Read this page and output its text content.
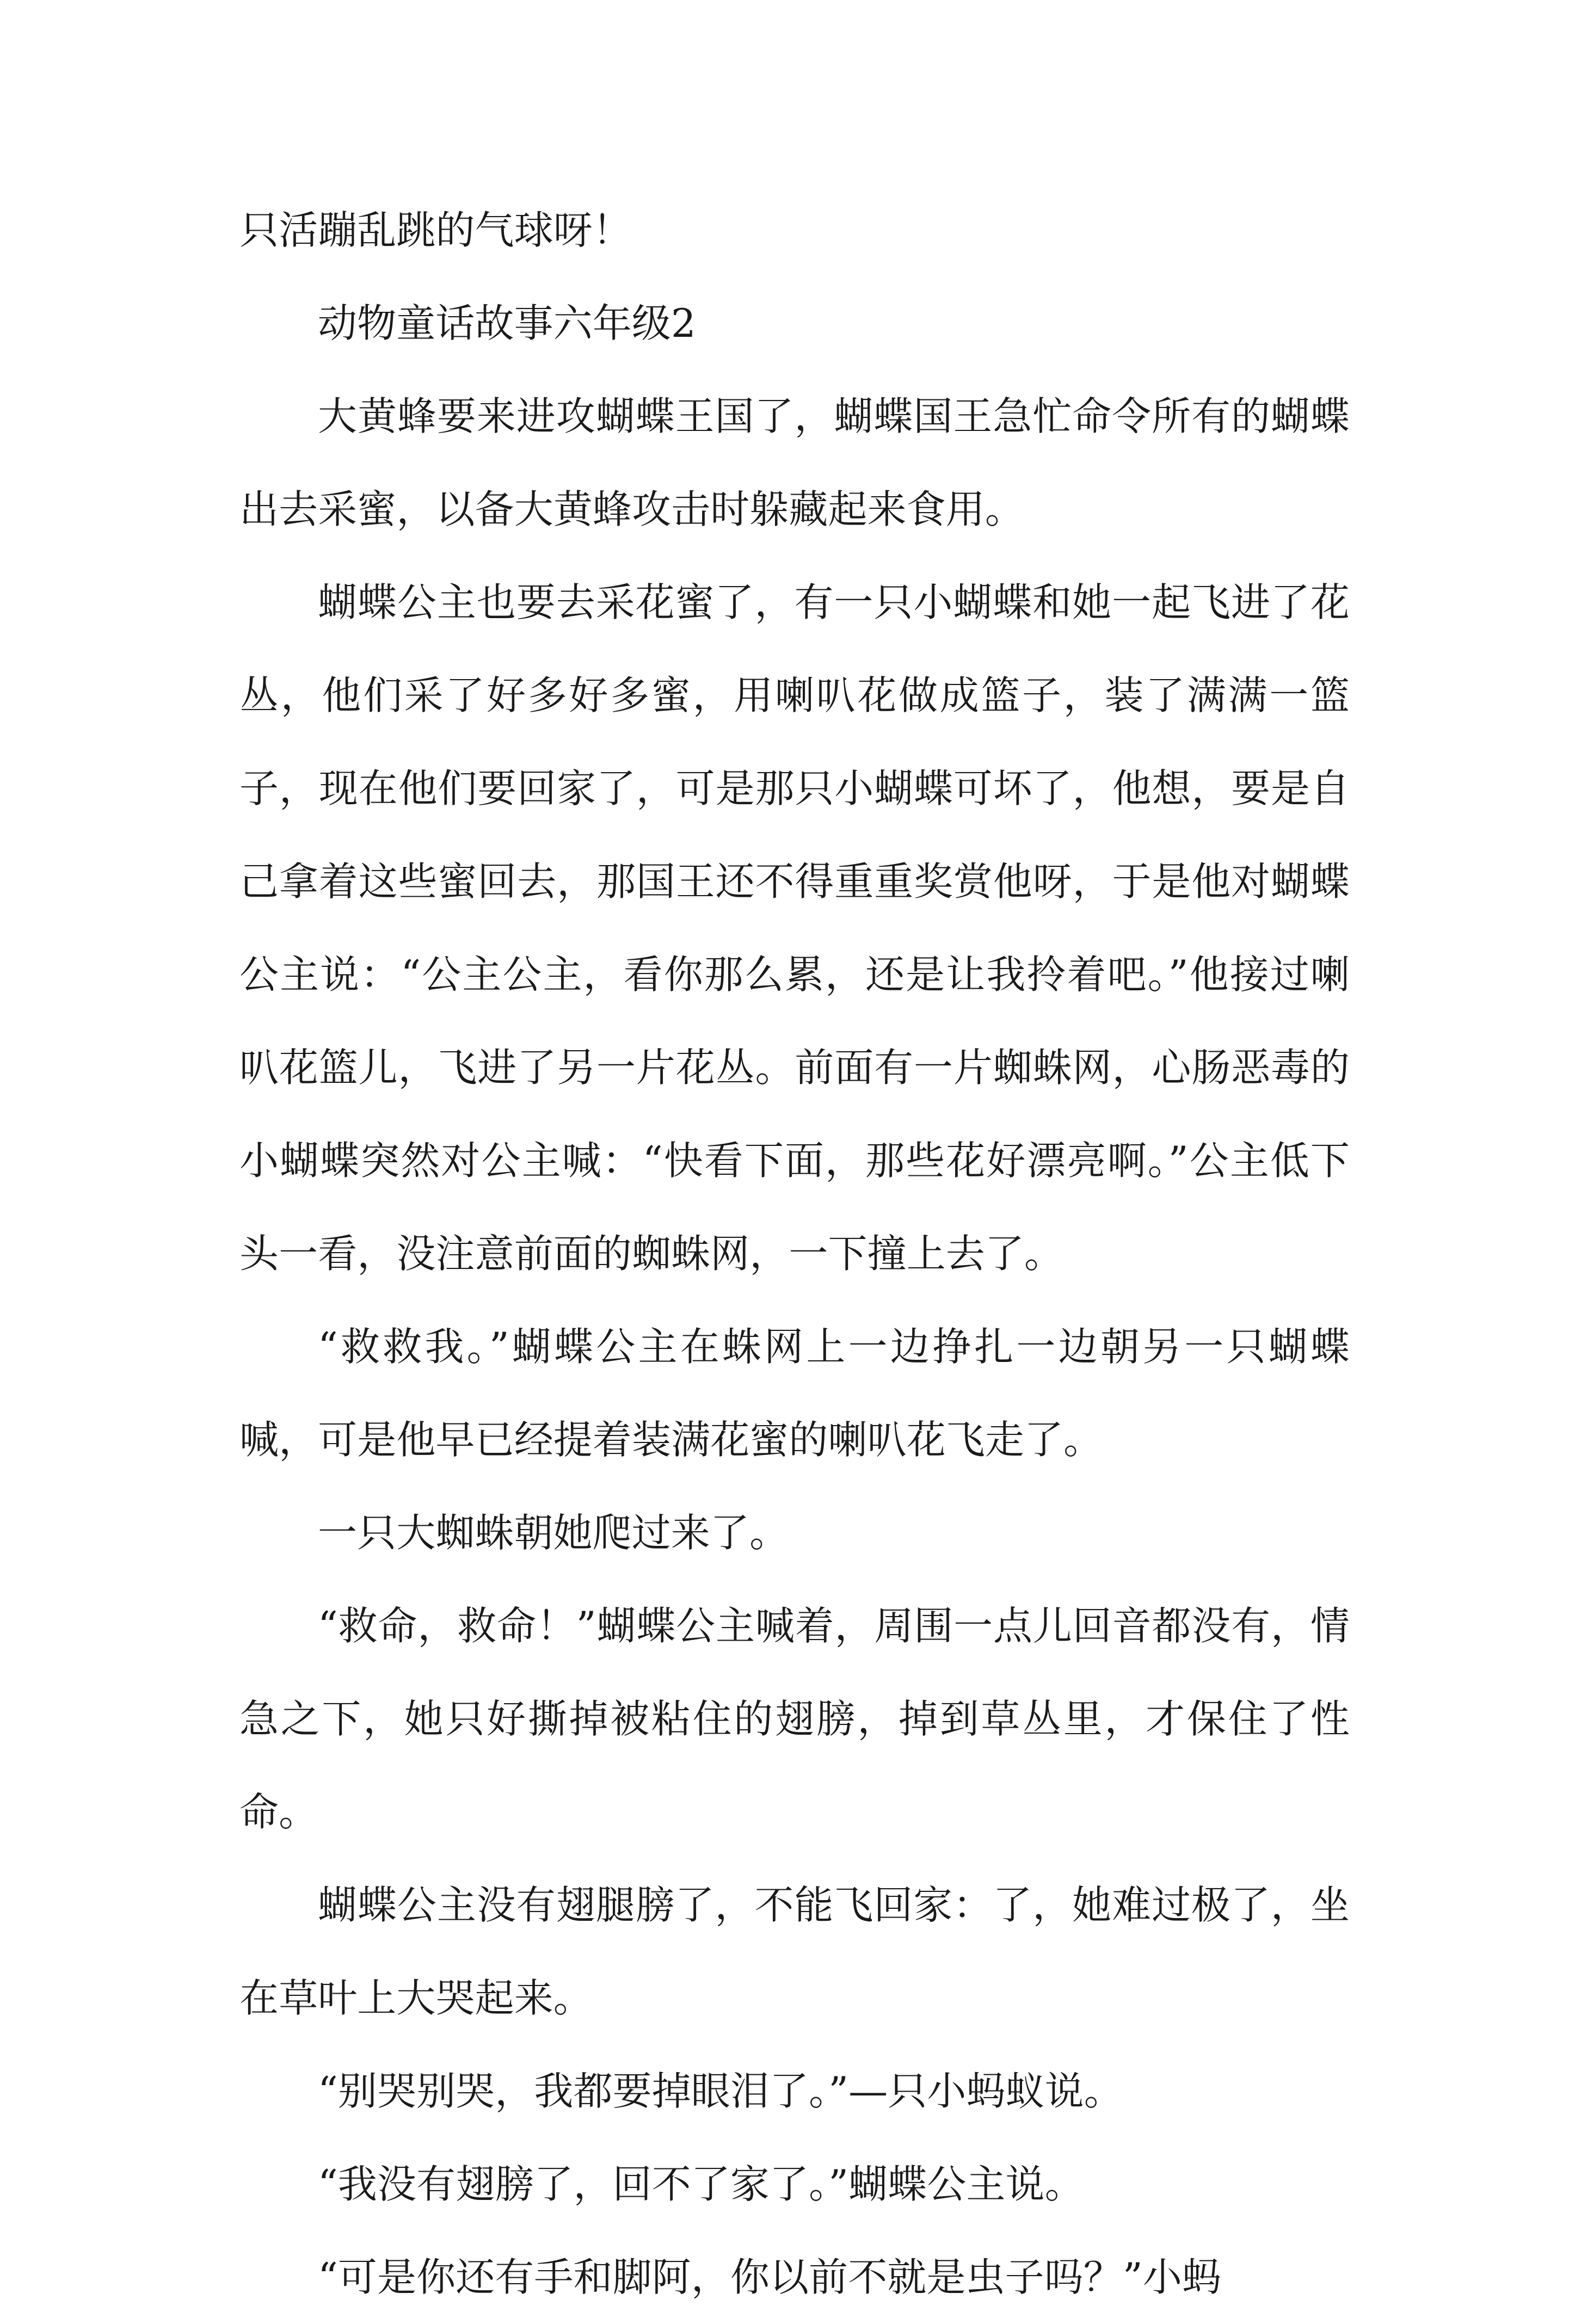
只活蹦乱跳的气球呀！

动物童话故事六年级2

大黄蜂要来进攻蝴蝶王国了，蝴蝶国王急忙命令所有的蝴蝶出去采蜜，以备大黄蜂攻击时躲藏起来食用。

蝴蝶公主也要去采花蜜了，有一只小蝴蝶和她一起飞进了花丛，他们采了好多好多蜜，用喇叭花做成篮子，装了满满一篮子，现在他们要回家了，可是那只小蝴蝶可坏了，他想，要是自己拿着这些蜜回去，那国王还不得重重奖赏他呀，于是他对蝴蝶公主说：“公主公主，看你那么累，还是让我拎着吧。”他接过喇叭花篮儿，飞进了另一片花丛。前面有一片蜘蛛网，心肠恶毒的小蝴蝶突然对公主喊：“快看下面，那些花好漂亮啊。”公主低下头一看，没注意前面的蜘蛛网，一下撞上去了。

“救救我。”蝴蝶公主在蛛网上一边挣扎一边朝另一只蝴蝶喊，可是他早已经提着装满花蜜的喇叭花飞走了。

一只大蜘蛛朝她爬过来了。

“救命，救命！”蝴蝶公主喊着，周围一点儿回音都没有，情急之下，她只好撕掉被粘住的翅膀，掉到草丛里，才保住了性命。

蝴蝶公主没有翅腿膀了，不能飞回家：了，她难过极了，坐在草叶上大哭起来。

“别哭别哭，我都要掉眼泪了。”—只小蚂蚁说。

“我没有翅膀了，回不了家了。”蝴蝶公主说。

“可是你还有手和脚阿，你以前不就是虫子吗？”小蚂
